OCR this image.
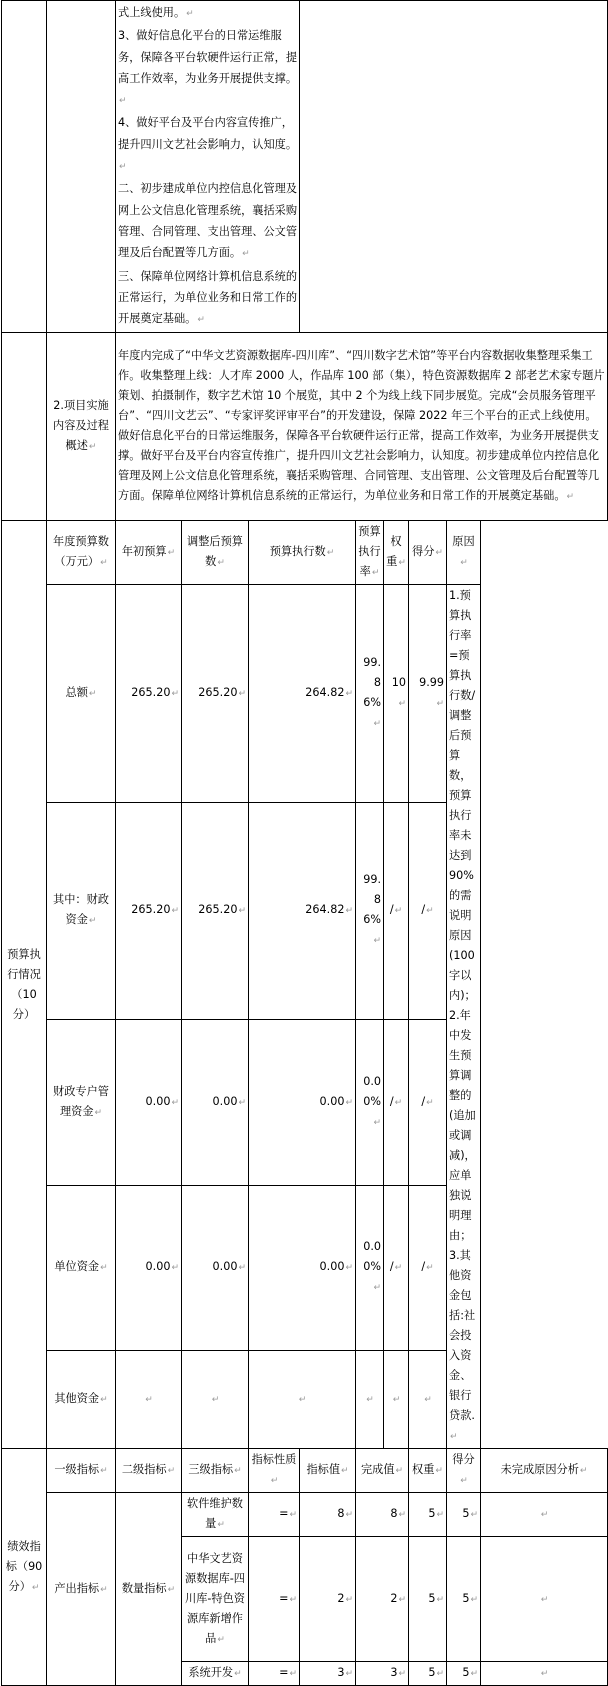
		式上线使用。↵

3、做好信息化平台的日常运维服务，保障各平台软硬件运行正常，提高工作效率，为业务开展提供支撑。↵

4、做好平台及平台内容宣传推广，提升四川文艺社会影响力，认知度。↵

二、初步建成单位内控信息化管理及网上公文信息化管理系统，襄括采购管理、合同管理、支出管理、公文管理及后台配置等几方面。↵

三、保障单位网络计算机信息系统的正常运行，为单位业务和日常工作的开展奠定基础。↵								

	2.项目实施内容及过程概述↵	年度内完成了“中华文艺资源数据库-四川库”、“四川数字艺术馆”等平台内容数据收集整理采集工作。收集整理上线：人才库 2000 人，作品库 100 部（集），特色资源数据库 2 部老艺术家专题片策划、拍摄制作，数字艺术馆 10 个展览，其中 2 个为线上线下同步展览。完成“会员服务管理平台”、“四川文艺云”、“专家评奖评审平台”的开发建设，保障 2022 年三个平台的正式上线使用。做好信息化平台的日常运维服务，保障各平台软硬件运行正常，提高工作效率，为业务开展提供支撑。做好平台及平台内容宣传推广，提升四川文艺社会影响力，认知度。初步建成单位内控信息化管理及网上公文信息化管理系统，襄括采购管理、合同管理、支出管理、公文管理及后台配置等几方面。保障单位网络计算机信息系统的正常运行，为单位业务和日常工作的开展奠定基础。↵								
预算执行情况（10分）	年度预算数（万元）↵	年初预算↵	调整后预算数↵	预算执行数↵		预算执行率↵	权重↵	得分↵	原因↵	
	总额↵	265.20↵	265.20↵	264.82↵		99.86%↵	10↵	9.99↵	1.预算执行率=预算执行数/调整后预算数，预算执行率未达到90%的需说明原因(100字以内)；2.年中发生预算调整的(追加或调减)，应单独说明理由；3.其他资金包括:社会投入资金、银行贷款.↵	
	其中：财政资金↵	265.20↵	265.20↵	264.82↵		99.86%↵	/↵	/↵		
	财政专户管理资金↵	0.00↵	0.00↵	0.00↵		0.00%↵	/↵	/↵		
	单位资金↵	0.00↵	0.00↵	0.00↵		0.00%↵	/↵	/↵		
	其他资金↵	↵	↵	↵		↵	↵	↵		
绩效指标（90分）↵	一级指标↵	二级指标↵	三级指标↵	指标性质↵	指标值↵	完成值↵		权重↵	得分↵	未完成原因分析↵
	产出指标↵	数量指标↵	软件维护数量↵	=↵	8↵	8↵		5↵	5↵	↵
			中华文艺资源数据库-四川库-特色资源库新增作品↵	=↵	2↵	2↵		5↵	5↵	↵
			系统开发↵	=↵	3↵	3↵		5↵	5↵	↵
